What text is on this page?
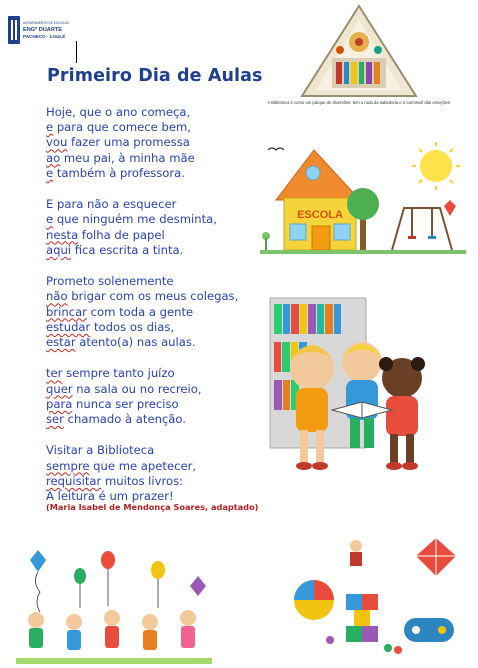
AGRUPAMENTO DE ESCOLAS
ENGº DUARTE
PACHECO · LOULÉ
Primeiro Dia de Aulas
Hoje, que o ano começa,
e para que comece bem,
vou fazer uma promessa
ao meu pai, à minha mãe
e também à professora.
E para não a esquecer
e que ninguém me desminta,
nesta folha de papel
aqui fica escrita a tinta.
Prometo solenemente
não brigar com os meus colegas,
brincar com toda a gente
estudar todos os dias,
estar atento(a) nas aulas.
ter sempre tanto juízo
quer na sala ou no recreio,
para nunca ser preciso
ser chamado à atenção.
Visitar a Biblioteca
sempre que me apetecer,
requisitar muitos livros:
A leitura é um prazer!
(Maria Isabel de Mendonça Soares, adaptado)
A Biblioteca é como um parque de diversões: tem a roda da sabedoria e o carrossel das emoções!
ESCOLA
